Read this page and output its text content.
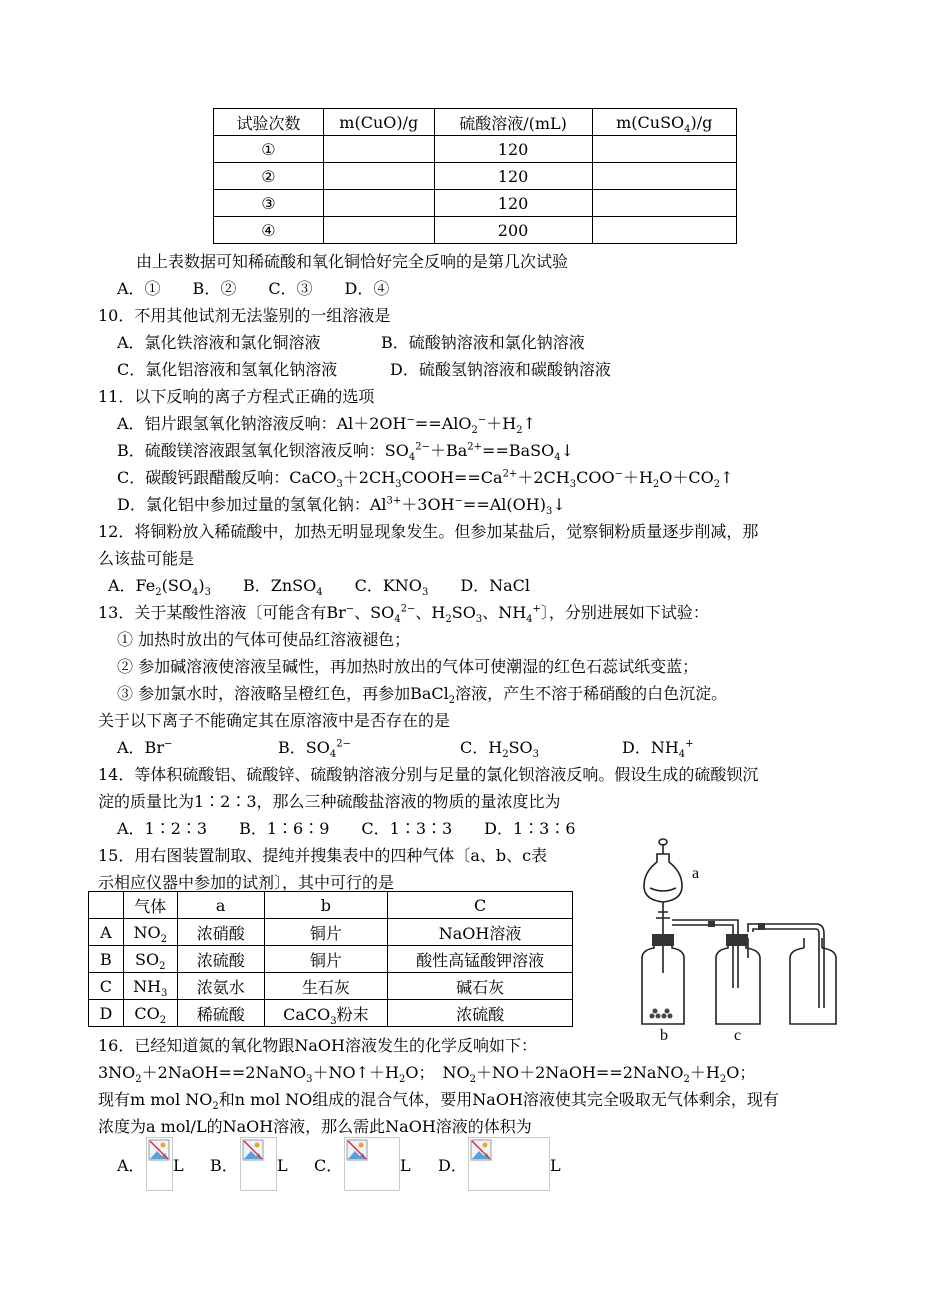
试验次数	m(CuO)/g	硫酸溶液/(mL)	m(CuSO$_4$)/g
①		120	
②		120	
③		120	
④		200	
由上表数据可知稀硫酸和氧化铜恰好完全反响的是第几次试验
A．①　　B．②　　C．③　　D．④
10．不用其他试剂无法鉴别的一组溶液是
A．氯化铁溶液和氯化铜溶液	B．硫酸钠溶液和氯化钠溶液
C．氯化铝溶液和氢氧化钠溶液	D．硫酸氢钠溶液和碳酸钠溶液
11．以下反响的离子方程式正确的选项
A．铝片跟氢氧化钠溶液反响：$Al+2OH^-==AlO_2^-+H_2↑$
B．硫酸镁溶液跟氢氧化钡溶液反响：$SO_4^{2-}+Ba^{2+}==BaSO_4↓$
C．碳酸钙跟醋酸反响：$CaCO_3+2CH_3COOH==Ca^{2+}+2CH_3COO^-+H_2O+CO_2↑$
D．氯化铝中参加过量的氢氧化钠：$Al^{3+}+3OH^-==Al(OH)_3↓$
12．将铜粉放入稀硫酸中，加热无明显现象发生。但参加某盐后，觉察铜粉质量逐步削减，那
么该盐可能是
A．$Fe_2(SO_4)_3$　　B．ZnSO$_4$　　C．$KNO_3$　　D．NaCl
13．关于某酸性溶液〔可能含有Br−、$SO_4^{2-}$、$H_2SO_3$、$NH_4^+$〕，分别进展如下试验：
① 加热时放出的气体可使品红溶液褪色；
② 参加碱溶液使溶液呈碱性，再加热时放出的气体可使潮湿的红色石蕊试纸变蓝；
③ 参加氯水时，溶液略呈橙红色，再参加BaCl$_2$溶液，产生不溶于稀硝酸的白色沉淀。
关于以下离子不能确定其在原溶液中是否存在的是
A．Br−	B．$SO_4^{2-}$	C．$H_2SO_3$	D．$NH_4^+$
14．等体积硫酸铝、硫酸锌、硫酸钠溶液分别与足量的氯化钡溶液反响。假设生成的硫酸钡沉
淀的质量比为1∶2∶3，那么三种硫酸盐溶液的物质的量浓度比为
A．1∶2∶3　　B．1∶6∶9　　C．1∶3∶3　　D．1∶3∶6
15．用右图装置制取、提纯并搜集表中的四种气体〔a、b、c表
示相应仪器中参加的试剂〕，其中可行的是
	气体	a	b	C
A	$NO_2$	浓硝酸	铜片	NaOH溶液
B	$SO_2$	浓硫酸	铜片	酸性高锰酸钾溶液
C	$NH_3$	浓氨水	生石灰	碱石灰
D	$CO_2$	稀硫酸	CaCO$_3$粉末	浓硫酸
a
b	c
16．已经知道氮的氧化物跟NaOH溶液发生的化学反响如下：
$3NO_2+2NaOH==2NaNO_3+NO↑+H_2O$；　$NO_2+NO+2NaOH==2NaNO_2+H_2O$；
现有m mol $NO_2$和n mol NO组成的混合气体，要用NaOH溶液使其完全吸取无气体剩余，现有
浓度为a mol/L的NaOH溶液，那么需此NaOH溶液的体积为
A． L B． L C．	L D．	L
